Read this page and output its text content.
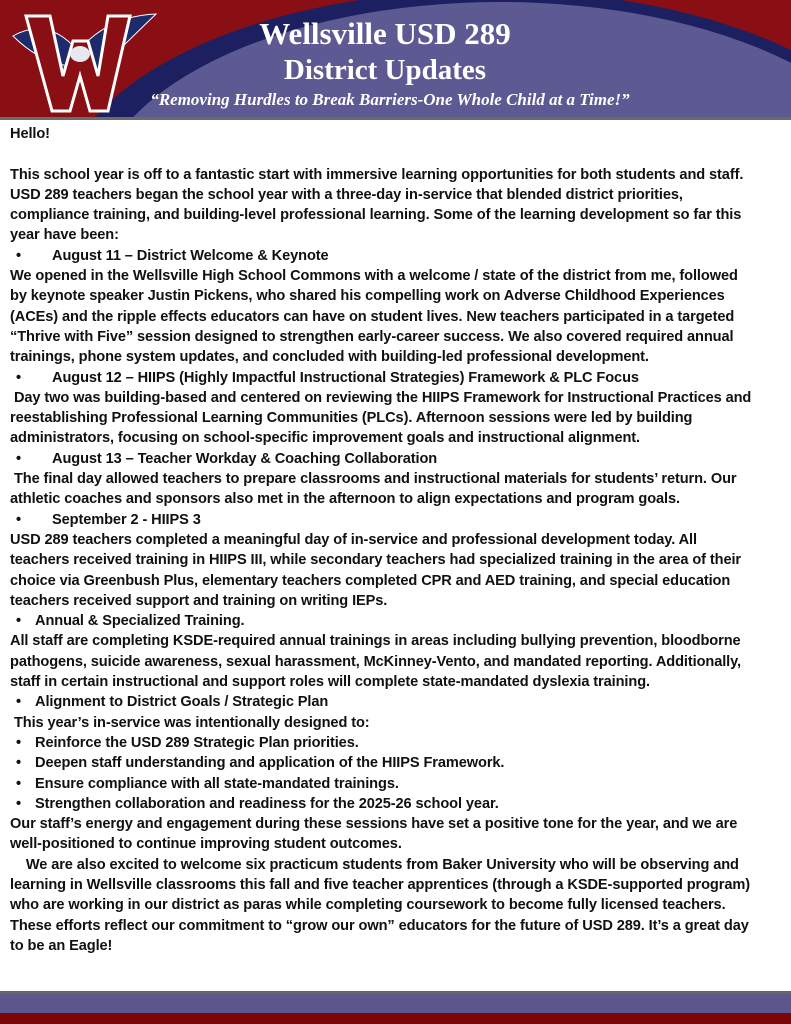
Wellsville USD 289
District Updates
“Removing Hurdles to Break Barriers-One Whole Child at a Time!”
Hello!
This school year is off to a fantastic start with immersive learning opportunities for both students and staff.
USD 289 teachers began the school year with a three-day in-service that blended district priorities,
compliance training, and building-level professional learning. Some of the learning development so far this
year have been:
• August 11 – District Welcome & Keynote
We opened in the Wellsville High School Commons with a welcome / state of the district from me, followed
by keynote speaker Justin Pickens, who shared his compelling work on Adverse Childhood Experiences
(ACEs) and the ripple effects educators can have on student lives. New teachers participated in a targeted
“Thrive with Five” session designed to strengthen early-career success. We also covered required annual
trainings, phone system updates, and concluded with building-led professional development.
• August 12 – HIIPS (Highly Impactful Instructional Strategies) Framework & PLC Focus
Day two was building-based and centered on reviewing the HIIPS Framework for Instructional Practices and
reestablishing Professional Learning Communities (PLCs). Afternoon sessions were led by building
administrators, focusing on school-specific improvement goals and instructional alignment.
• August 13 – Teacher Workday & Coaching Collaboration
The final day allowed teachers to prepare classrooms and instructional materials for students’ return. Our
athletic coaches and sponsors also met in the afternoon to align expectations and program goals.
• September 2 - HIIPS 3
USD 289 teachers completed a meaningful day of in-service and professional development today. All
teachers received training in HIIPS III, while secondary teachers had specialized training in the area of their
choice via Greenbush Plus, elementary teachers completed CPR and AED training, and special education
teachers received support and training on writing IEPs.
• Annual & Specialized Training.
All staff are completing KSDE-required annual trainings in areas including bullying prevention, bloodborne
pathogens, suicide awareness, sexual harassment, McKinney-Vento, and mandated reporting. Additionally,
staff in certain instructional and support roles will complete state-mandated dyslexia training.
• Alignment to District Goals / Strategic Plan
This year’s in-service was intentionally designed to:
• Reinforce the USD 289 Strategic Plan priorities.
• Deepen staff understanding and application of the HIIPS Framework.
• Ensure compliance with all state-mandated trainings.
• Strengthen collaboration and readiness for the 2025-26 school year.
Our staff’s energy and engagement during these sessions have set a positive tone for the year, and we are
well-positioned to continue improving student outcomes.
We are also excited to welcome six practicum students from Baker University who will be observing and
learning in Wellsville classrooms this fall and five teacher apprentices (through a KSDE-supported program)
who are working in our district as paras while completing coursework to become fully licensed teachers.
These efforts reflect our commitment to “grow our own” educators for the future of USD 289. It’s a great day
to be an Eagle!
